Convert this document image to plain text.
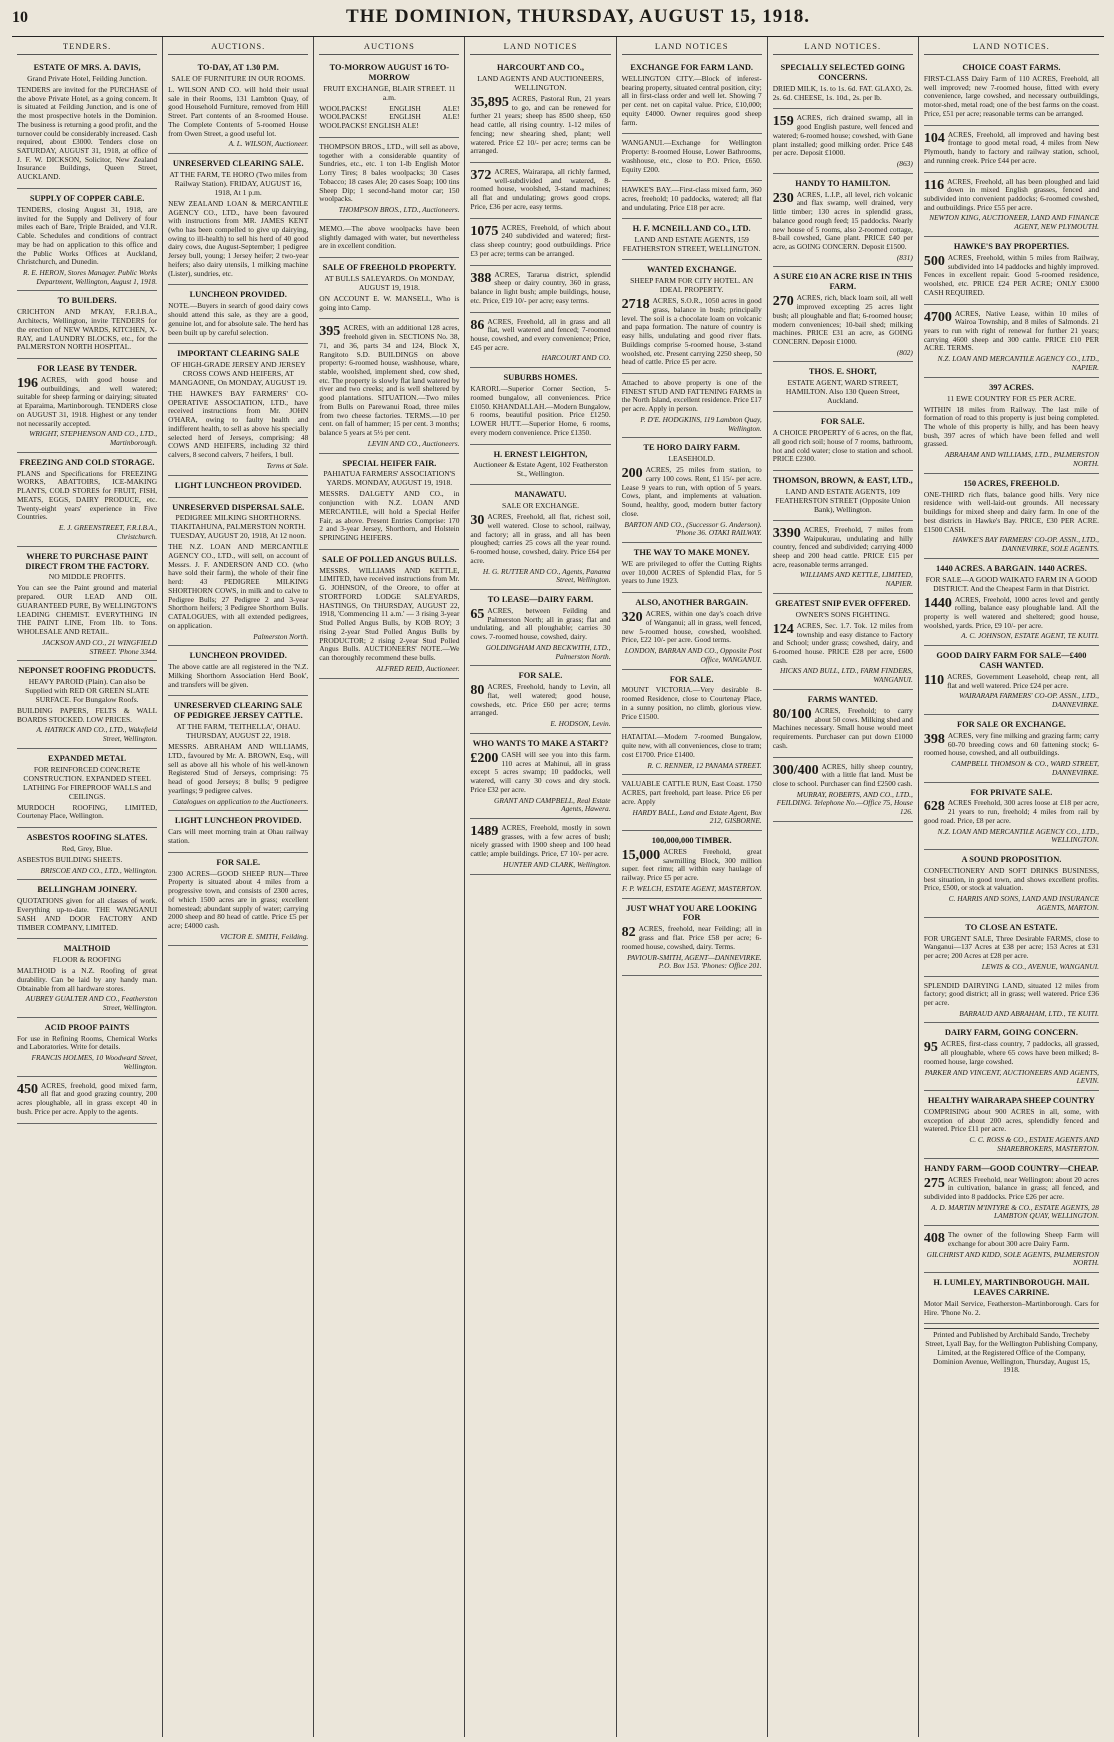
10	THE DOMINION, THURSDAY, AUGUST 15, 1918.
TENDERS.
ESTATE OF MRS. A. DAVIS,
Grand Private Hotel, Feilding Junction.

TENDERS are invited for the PURCHASE of the above Private Hotel, as a going concern. It is situated at Feilding Junction, and is one of the most prospective hotels in the Dominion. The business is returning a good profit, and the turnover could be considerably increased. Cash required, about £3000. Tenders close on SATURDAY, AUGUST 31, 1918, at office of J. F. W. DICKSON, Solicitor, New Zealand Insurance Buildings, Queen Street, AUCKLAND.

SUPPLY OF COPPER CABLE.

TENDERS, closing August 31, 1918, are invited for the Supply and Delivery of four miles each of Bare, Triple Braided, and V.I.R. Cable. Schedules and conditions of contract may be had on application to this office and the Public Works Offices at Auckland, Christchurch, and Dunedin.

R. E. HERON, Stores Manager. Public Works Department, Wellington, August 1, 1918.
TO BUILDERS.

CRICHTON AND M'KAY, F.R.I.B.A., Architects, Wellington, invite TENDERS for the erection of NEW WARDS, KITCHEN, X-RAY, and LAUNDRY BLOCKS, etc., for the PALMERSTON NORTH HOSPITAL.

FOR LEASE BY TENDER.

196 ACRES, with good house and outbuildings, and well watered; suitable for sheep farming or dairying; situated at Eparaima, Martinborough. TENDERS close on AUGUST 31, 1918. Highest or any tender not necessarily accepted.

WRIGHT, STEPHENSON AND CO., LTD., Martinborough.
FREEZING AND COLD STORAGE.

PLANS and Specifications for FREEZING WORKS, ABATTOIRS, ICE-MAKING PLANTS, COLD STORES for FRUIT, FISH, MEATS, EGGS, DAIRY PRODUCE, etc. Twenty-eight years' experience in Five Countries.

E. J. GREENSTREET, F.R.I.B.A., Christchurch.
WHERE TO PURCHASE PAINT DIRECT FROM THE FACTORY.
NO MIDDLE PROFITS.

You can see the Paint ground and material prepared. OUR LEAD AND OIL GUARANTEED PURE, By WELLINGTON'S LEADING CHEMIST. EVERYTHING IN THE PAINT LINE, From 1lb. to Tons. WHOLESALE AND RETAIL.

JACKSON AND CO., 21 WINGFIELD STREET. 'Phone 3344.
NEPONSET ROOFING PRODUCTS.
HEAVY PAROID (Plain). Can also be Supplied with RED OR GREEN SLATE SURFACE. For Bungalow Roofs.

BUILDING PAPERS, FELTS & WALL BOARDS STOCKED. LOW PRICES.

A. HATRICK AND CO., LTD., Wakefield Street, Wellington.
EXPANDED METAL
FOR REINFORCED CONCRETE CONSTRUCTION. EXPANDED STEEL LATHING For FIREPROOF WALLS and CEILINGS.

MURDOCH ROOFING, LIMITED, Courtenay Place, Wellington.

ASBESTOS ROOFING SLATES.
Red, Grey, Blue.

ASBESTOS BUILDING SHEETS.

BRISCOE AND CO., LTD., Wellington.
BELLINGHAM JOINERY.

QUOTATIONS given for all classes of work. Everything up-to-date. THE WANGANUI SASH AND DOOR FACTORY AND TIMBER COMPANY, LIMITED.

MALTHOID
FLOOR & ROOFING

MALTHOID is a N.Z. Roofing of great durability. Can be laid by any handy man. Obtainable from all hardware stores.

AUBREY GUALTER AND CO., Featherston Street, Wellington.
ACID PROOF PAINTS

For use in Refining Rooms, Chemical Works and Laboratories. Write for details.

FRANCIS HOLMES, 10 Woodward Street, Wellington.

450 ACRES, freehold, good mixed farm, all flat and good grazing country, 200 acres ploughable, all in grass except 40 in bush. Price per acre. Apply to the agents.

AUCTIONS.
TO-DAY, AT 1.30 P.M.
SALE OF FURNITURE IN OUR ROOMS.

L. WILSON AND CO. will hold their usual sale in their Rooms, 131 Lambton Quay, of good Household Furniture, removed from Hill Street. Part contents of an 8-roomed House. The Complete Contents of 5-roomed House from Owen Street, a good useful lot.

A. L. WILSON, Auctioneer.
UNRESERVED CLEARING SALE.
AT THE FARM, TE HORO (Two miles from Railway Station). FRIDAY, AUGUST 16, 1918, At 1 p.m.

NEW ZEALAND LOAN & MERCANTILE AGENCY CO., LTD., have been favoured with instructions from MR. JAMES KENT (who has been compelled to give up dairying, owing to ill-health) to sell his herd of 40 good dairy cows, due August-September; 1 pedigree Jersey bull, young; 1 Jersey heifer; 2 two-year heifers; also dairy utensils, 1 milking machine (Lister), sundries, etc.

LUNCHEON PROVIDED.

NOTE.—Buyers in search of good dairy cows should attend this sale, as they are a good, genuine lot, and for absolute sale. The herd has been built up by careful selection.

IMPORTANT CLEARING SALE
OF HIGH-GRADE JERSEY AND JERSEY CROSS COWS AND HEIFERS, AT MANGAONE, On MONDAY, AUGUST 19.

THE HAWKE'S BAY FARMERS' CO-OPERATIVE ASSOCIATION, LTD., have received instructions from Mr. JOHN O'HARA, owing to faulty health and indifferent health, to sell as above his specially selected herd of Jerseys, comprising: 48 COWS AND HEIFERS, including 32 third calvers, 8 second calvers, 7 heifers, 1 bull.

Terms at Sale.
LIGHT LUNCHEON PROVIDED.
UNRESERVED DISPERSAL SALE.
PEDIGREE MILKING SHORTHORNS. TIAKITAHUNA, PALMERSTON NORTH. TUESDAY, AUGUST 20, 1918, At 12 noon.

THE N.Z. LOAN AND MERCANTILE AGENCY CO., LTD., will sell, on account of Messrs. J. F. ANDERSON AND CO. (who have sold their farm), the whole of their fine herd: 43 PEDIGREE MILKING SHORTHORN COWS, in milk and to calve to Pedigree Bulls; 27 Pedigree 2 and 3-year Shorthorn heifers; 3 Pedigree Shorthorn Bulls. CATALOGUES, with all extended pedigrees, on application.

Palmerston North.
LUNCHEON PROVIDED.

The above cattle are all registered in the 'N.Z. Milking Shorthorn Association Herd Book', and transfers will be given.

UNRESERVED CLEARING SALE OF PEDIGREE JERSEY CATTLE.
AT THE FARM, 'TEITHELLA', OHAU. THURSDAY, AUGUST 22, 1918.

MESSRS. ABRAHAM AND WILLIAMS, LTD., favoured by Mr. A. BROWN, Esq., will sell as above all his whole of his well-known Registered Stud of Jerseys, comprising: 75 head of good Jerseys; 8 bulls; 9 pedigree yearlings; 9 pedigree calves.

Catalogues on application to the Auctioneers.
LIGHT LUNCHEON PROVIDED.

Cars will meet morning train at Ohau railway station.

FOR SALE.

2300 ACRES—GOOD SHEEP RUN—Three Property is situated about 4 miles from a progressive town, and consists of 2300 acres, of which 1500 acres are in grass; excellent homestead; abundant supply of water; carrying 2000 sheep and 80 head of cattle. Price £5 per acre; £4000 cash.

VICTOR E. SMITH, Feilding.
AUCTIONS
TO-MORROW AUGUST 16 TO-MORROW
FRUIT EXCHANGE, BLAIR STREET. 11 a.m.

WOOLPACKS! ENGLISH ALE! WOOLPACKS! ENGLISH ALE! WOOLPACKS! ENGLISH ALE!

THOMPSON BROS., LTD., will sell as above, together with a considerable quantity of Sundries, etc., etc. 1 ton 1-lb English Motor Lorry Tires; 8 bales woolpacks; 30 Cases Tobacco; 18 cases Ale; 20 cases Soap; 100 tins Sheep Dip; 1 second-hand motor car; 150 woolpacks.

THOMPSON BROS., LTD., Auctioneers.

MEMO.—The above woolpacks have been slightly damaged with water, but nevertheless are in excellent condition.

SALE OF FREEHOLD PROPERTY.
AT BULLS SALEYARDS. On MONDAY, AUGUST 19, 1918.

ON ACCOUNT E. W. MANSELL, Who is going into Camp.

395 ACRES, with an additional 128 acres, freehold given in. SECTIONS No. 38, 71, and 36, parts 34 and 124, Block X, Rangitoto S.D. BUILDINGS on above property: 6-roomed house, washhouse, whare, stable, woolshed, implement shed, cow shed, etc. The property is slowly flat land watered by river and two creeks; and is well sheltered by good plantations. SITUATION.—Two miles from Bulls on Parewanui Road, three miles from two cheese factories. TERMS.—10 per cent. on fall of hammer; 15 per cent. 3 months; balance 5 years at 5½ per cent.

LEVIN AND CO., Auctioneers.
SPECIAL HEIFER FAIR.
PAHIATUA FARMERS' ASSOCIATION'S YARDS. MONDAY, AUGUST 19, 1918.

MESSRS. DALGETY AND CO., in conjunction with N.Z. LOAN AND MERCANTILE, will hold a Special Heifer Fair, as above. Present Entries Comprise: 170 2 and 3-year Jersey, Shorthorn, and Holstein SPRINGING HEIFERS.

SALE OF POLLED ANGUS BULLS.

MESSRS. WILLIAMS AND KETTLE, LIMITED, have received instructions from Mr. G. JOHNSON, of the Oreore, to offer at STORTFORD LODGE SALEYARDS, HASTINGS, On THURSDAY, AUGUST 22, 1918, 'Commencing 11 a.m.' — 3 rising 3-year Stud Polled Angus Bulls, by KOB ROY; 3 rising 2-year Stud Polled Angus Bulls by PRODUCTOR; 2 rising 2-year Stud Polled Angus Bulls. AUCTIONEERS' NOTE.—We can thoroughly recommend these bulls.

ALFRED REID, Auctioneer.
LAND NOTICES
HARCOURT AND CO.,
LAND AGENTS AND AUCTIONEERS, WELLINGTON.

35,895 ACRES, Pastoral Run, 21 years to go, and can be renewed for further 21 years; sheep has 8500 sheep, 650 head cattle, all rising country. 1-12 miles of fencing; new shearing shed, plant; well watered. Price £2 10/- per acre; terms can be arranged.

372 ACRES, Wairarapa, all richly farmed, well-subdivided and watered, 8-roomed house, woolshed, 3-stand machines; all flat and undulating; grows good crops. Price, £36 per acre, easy terms.

1075 ACRES, Freehold, of which about 240 subdivided and watered; first-class sheep country; good outbuildings. Price £3 per acre; terms can be arranged.

388 ACRES, Tararua district, splendid sheep or dairy country, 360 in grass, balance in light bush; ample buildings, house, etc. Price, £19 10/- per acre; easy terms.

86 ACRES, Freehold, all in grass and all flat, well watered and fenced; 7-roomed house, cowshed, and every convenience; Price, £45 per acre.

HARCOURT AND CO.
SUBURBS HOMES.

KARORI.—Superior Corner Section, 5-roomed bungalow, all conveniences. Price £1050. KHANDALLAH.—Modern Bungalow, 6 rooms, beautiful position. Price £1250. LOWER HUTT.—Superior Home, 6 rooms, every modern convenience. Price £1350.

H. ERNEST LEIGHTON,
Auctioneer & Estate Agent, 102 Featherston St., Wellington.
MANAWATU.
SALE OR EXCHANGE.

30 ACRES, Freehold, all flat, richest soil, well watered. Close to school, railway, and factory; all in grass, and all has been ploughed; carries 25 cows all the year round. 6-roomed house, cowshed, dairy. Price £64 per acre.

H. G. RUTTER AND CO., Agents, Panama Street, Wellington.
TO LEASE—DAIRY FARM.

65 ACRES, between Feilding and Palmerston North; all in grass; flat and undulating, and all ploughable; carries 30 cows. 7-roomed house, cowshed, dairy.

GOLDINGHAM AND BECKWITH, LTD., Palmerston North.
FOR SALE.

80 ACRES, Freehold, handy to Levin, all flat, well watered; good house, cowsheds, etc. Price £60 per acre; terms arranged.

E. HODSON, Levin.
WHO WANTS TO MAKE A START?

£200 CASH will see you into this farm. 110 acres at Mahinui, all in grass except 5 acres swamp; 10 paddocks, well watered, will carry 30 cows and dry stock. Price £32 per acre.

GRANT AND CAMPBELL, Real Estate Agents, Hawera.

1489 ACRES, Freehold, mostly in sown grasses, with a few acres of bush; nicely grassed with 1900 sheep and 100 head cattle; ample buildings. Price, £7 10/- per acre.

HUNTER AND CLARK, Wellington.
LAND NOTICES
EXCHANGE FOR FARM LAND.

WELLINGTON CITY.—Block of inferest-bearing property, situated central position, city; all in first-class order and well let. Showing 7 per cent. net on capital value. Price, £10,000; equity £4000. Owner requires good sheep farm.

WANGANUI.—Exchange for Wellington Property: 8-roomed House, Lower Bathrooms, washhouse, etc., close to P.O. Price, £650. Equity £200.

HAWKE'S BAY.—First-class mixed farm, 360 acres, freehold; 10 paddocks, watered; all flat and undulating. Price £18 per acre.

H. F. MCNEILL AND CO., LTD.
LAND AND ESTATE AGENTS, 159 FEATHERSTON STREET, WELLINGTON.
WANTED EXCHANGE.
SHEEP FARM FOR CITY HOTEL. AN IDEAL PROPERTY.

2718 ACRES, S.O.R., 1050 acres in good grass, balance in bush; principally level. The soil is a chocolate loam on volcanic and papa formation. The nature of country is easy hills, undulating and good river flats. Buildings comprise 5-roomed house, 3-stand woolshed, etc. Present carrying 2250 sheep, 50 head of cattle. Price £5 per acre.

Attached to above property is one of the FINEST STUD AND FATTENING FARMS in the North Island, excellent residence. Price £17 per acre. Apply in person.

P. D'E. HODGKINS, 119 Lambton Quay, Wellington.
TE HORO DAIRY FARM.
LEASEHOLD.

200 ACRES, 25 miles from station, to carry 100 cows. Rent, £1 15/- per acre. Lease 9 years to run, with option of 5 years. Cows, plant, and implements at valuation. Sound, healthy, good, modern butter factory close.

BARTON AND CO., (Successor G. Anderson). 'Phone 36. OTAKI RAILWAY.
THE WAY TO MAKE MONEY.

WE are privileged to offer the Cutting Rights over 10,000 ACRES of Splendid Flax, for 5 years to June 1923.

ALSO, ANOTHER BARGAIN.

320 ACRES, within one day's coach drive of Wanganui; all in grass, well fenced, new 5-roomed house, cowshed, woolshed. Price, £22 10/- per acre. Good terms.

LONDON, BARRAN AND CO., Opposite Post Office, WANGANUI.
FOR SALE.

MOUNT VICTORIA.—Very desirable 8-roomed Residence, close to Courtenay Place, in a sunny position, no climb, glorious view. Price £1500.

HATAITAI.—Modern 7-roomed Bungalow, quite new, with all conveniences, close to tram; cost £1700. Price £1400.

R. C. RENNER, 12 PANAMA STREET.

VALUABLE CATTLE RUN, East Coast. 1750 ACRES, part freehold, part lease. Price £6 per acre. Apply

HARDY BALL, Land and Estate Agent, Box 212, GISBORNE.
100,000,000 TIMBER.

15,000 ACRES Freehold, great sawmilling Block, 300 million super. feet rimu; all within easy haulage of railway. Price £5 per acre.

F. P. WELCH, ESTATE AGENT, MASTERTON.
JUST WHAT YOU ARE LOOKING FOR

82 ACRES, freehold, near Feilding; all in grass and flat. Price £58 per acre; 6-roomed house, cowshed, dairy. Terms.

PAVIOUR-SMITH, AGENT—DANNEVIRKE. P.O. Box 153. 'Phones: Office 201.
LAND NOTICES.
SPECIALLY SELECTED GOING CONCERNS.

DRIED MILK, 1s. to 1s. 6d. FAT. GLAXO, 2s. 2s. 6d. CHEESE, 1s. 10d., 2s. per lb.

159 ACRES, rich drained swamp, all in good English pasture, well fenced and watered; 6-roomed house; cowshed, with Gane plant installed; good milking order. Price £48 per acre. Deposit £1000.

(863)
HANDY TO HAMILTON.

230 ACRES, L.I.P., all level, rich volcanic and flax swamp, well drained, very little timber; 130 acres in splendid grass, balance good rough feed; 15 paddocks. Nearly new house of 5 rooms, also 2-roomed cottage, 8-bail cowshed, Gane plant. PRICE £40 per acre, as GOING CONCERN. Deposit £1500.

(831)
A SURE £10 AN ACRE RISE IN THIS FARM.

270 ACRES, rich, black loam soil, all well improved excepting 25 acres light bush; all ploughable and flat; 6-roomed house; modern conveniences; 10-bail shed; milking machines. PRICE £31 an acre, as GOING CONCERN. Deposit £1000.

(802)
THOS. E. SHORT,
ESTATE AGENT, WARD STREET, HAMILTON. Also 130 Queen Street, Auckland.
FOR SALE.

A CHOICE PROPERTY of 6 acres, on the flat, all good rich soil; house of 7 rooms, bathroom, hot and cold water; close to station and school. PRICE £2300.

THOMSON, BROWN, & EAST, LTD.,
LAND AND ESTATE AGENTS, 109 FEATHERSTON STREET (Opposite Union Bank), Wellington.

3390 ACRES, Freehold, 7 miles from Waipukurau, undulating and hilly country, fenced and subdivided; carrying 4000 sheep and 200 head cattle. PRICE £15 per acre, reasonable terms arranged.

WILLIAMS AND KETTLE, LIMITED, NAPIER.
GREATEST SNIP EVER OFFERED.
OWNER'S SONS FIGHTING.

124 ACRES, Sec. 1.7. Tok. 12 miles from township and easy distance to Factory and School; under grass; cowshed, dairy, and 6-roomed house. PRICE £28 per acre, £600 cash.

HICKS AND BULL, LTD., FARM FINDERS, WANGANUI.
FARMS WANTED.

80/100 ACRES, Freehold; to carry about 50 cows. Milking shed and Machines necessary. Small house would meet requirements. Purchaser can put down £1000 cash.

300/400 ACRES, hilly sheep country, with a little flat land. Must be close to school. Purchaser can find £2500 cash.

MURRAY, ROBERTS, AND CO., LTD., FEILDING. Telephone No.—Office 75, House 126.
LAND NOTICES.
CHOICE COAST FARMS.

FIRST-CLASS Dairy Farm of 110 ACRES, Freehold, all well improved; new 7-roomed house, fitted with every convenience, large cowshed, and necessary outbuildings, motor-shed, metal road; one of the best farms on the coast. Price, £51 per acre; reasonable terms can be arranged.

104 ACRES, Freehold, all improved and having best frontage to good metal road, 4 miles from New Plymouth, handy to factory and railway station, school, and running creek. Price £44 per acre.

116 ACRES, Freehold, all has been ploughed and laid down in mixed English grasses, fenced and subdivided into convenient paddocks; 6-roomed cowshed, and outbuildings. Price £55 per acre.

NEWTON KING, AUCTIONEER, LAND AND FINANCE AGENT, NEW PLYMOUTH.
HAWKE'S BAY PROPERTIES.

500 ACRES, Freehold, within 5 miles from Railway, subdivided into 14 paddocks and highly improved. Fences in excellent repair. Good 5-roomed residence, woolshed, etc. PRICE £24 PER ACRE; ONLY £3000 CASH REQUIRED.

4700 ACRES, Native Lease, within 10 miles of Wairoa Township, and 8 miles of Salmonds. 21 years to run with right of renewal for further 21 years; carrying 4600 sheep and 300 cattle. PRICE £10 PER ACRE. TERMS.

N.Z. LOAN AND MERCANTILE AGENCY CO., LTD., NAPIER.
397 ACRES.
11 EWE COUNTRY FOR £5 PER ACRE.

WITHIN 18 miles from Railway. The last mile of formation of road to this property is just being completed. The whole of this property is hilly, and has been heavy bush, 397 acres of which have been felled and well grassed.

ABRAHAM AND WILLIAMS, LTD., PALMERSTON NORTH.
150 ACRES, FREEHOLD.

ONE-THIRD rich flats, balance good hills. Very nice residence with well-laid-out grounds. All necessary buildings for mixed sheep and dairy farm. In one of the best districts in Hawke's Bay. PRICE, £30 PER ACRE. £1500 CASH.

HAWKE'S BAY FARMERS' CO-OP. ASSN., LTD., DANNEVIRKE, SOLE AGENTS.
1440 ACRES. A BARGAIN. 1440 ACRES.
FOR SALE—A GOOD WAIKATO FARM IN A GOOD DISTRICT. And the Cheapest Farm in that District.

1440 ACRES, Freehold, 1000 acres level and gently rolling, balance easy ploughable land. All the property is well watered and sheltered; good house, woolshed, yards. Price, £9 10/- per acre.

A. C. JOHNSON, ESTATE AGENT, TE KUITI.
GOOD DAIRY FARM FOR SALE—£400 CASH WANTED.

110 ACRES, Government Leasehold, cheap rent, all flat and well watered. Price £24 per acre.

WAIRARAPA FARMERS' CO-OP. ASSN., LTD., DANNEVIRKE.
FOR SALE OR EXCHANGE.

398 ACRES, very fine milking and grazing farm; carry 60-70 breeding cows and 60 fattening stock; 6-roomed house, cowshed, and all outbuildings.

CAMPBELL THOMSON & CO., WARD STREET, DANNEVIRKE.
FOR PRIVATE SALE.

628 ACRES Freehold, 300 acres loose at £18 per acre, 21 years to run, freehold; 4 miles from rail by good road. Price, £8 per acre.

N.Z. LOAN AND MERCANTILE AGENCY CO., LTD., WELLINGTON.
A SOUND PROPOSITION.

CONFECTIONERY AND SOFT DRINKS BUSINESS, best situation, in good town, and shows excellent profits. Price, £500, or stock at valuation.

C. HARRIS AND SONS, LAND AND INSURANCE AGENTS, MARTON.
TO CLOSE AN ESTATE.

FOR URGENT SALE, Three Desirable FARMS, close to Wanganui—137 Acres at £38 per acre; 153 Acres at £31 per acre; 200 Acres at £28 per acre.

LEWIS & CO., AVENUE, WANGANUI.

SPLENDID DAIRYING LAND, situated 12 miles from factory; good district; all in grass; well watered. Price £36 per acre.

BARRAUD AND ABRAHAM, LTD., TE KUITI.
DAIRY FARM, GOING CONCERN.

95 ACRES, first-class country, 7 paddocks, all grassed, all ploughable, where 65 cows have been milked; 8-roomed house, large cowshed.

PARKER AND VINCENT, AUCTIONEERS AND AGENTS, LEVIN.
HEALTHY WAIRARAPA SHEEP COUNTRY

COMPRISING about 900 ACRES in all, some, with exception of about 200 acres, splendidly fenced and watered. Price £11 per acre.

C. C. ROSS & CO., ESTATE AGENTS AND SHAREBROKERS, MASTERTON.
HANDY FARM—GOOD COUNTRY—CHEAP.

275 ACRES Freehold, near Wellington: about 20 acres in cultivation, balance in grass; all fenced, and subdivided into 8 paddocks. Price £26 per acre.

A. D. MARTIN M'INTYRE & CO., ESTATE AGENTS, 28 LAMBTON QUAY, WELLINGTON.

408 The owner of the following Sheep Farm will exchange for about 300 acre Dairy Farm.

GILCHRIST AND KIDD, SOLE AGENTS, PALMERSTON NORTH.
H. LUMLEY, MARTINBOROUGH. MAIL LEAVES CARRINE.

Motor Mail Service, Featherston–Martinborough. Cars for Hire. 'Phone No. 2.

Printed and Published by Archibald Sando, Trecheby Street, Lyall Bay, for the Wellington Publishing Company, Limited, at the Registered Office of the Company, Dominion Avenue, Wellington, Thursday, August 15, 1918.
